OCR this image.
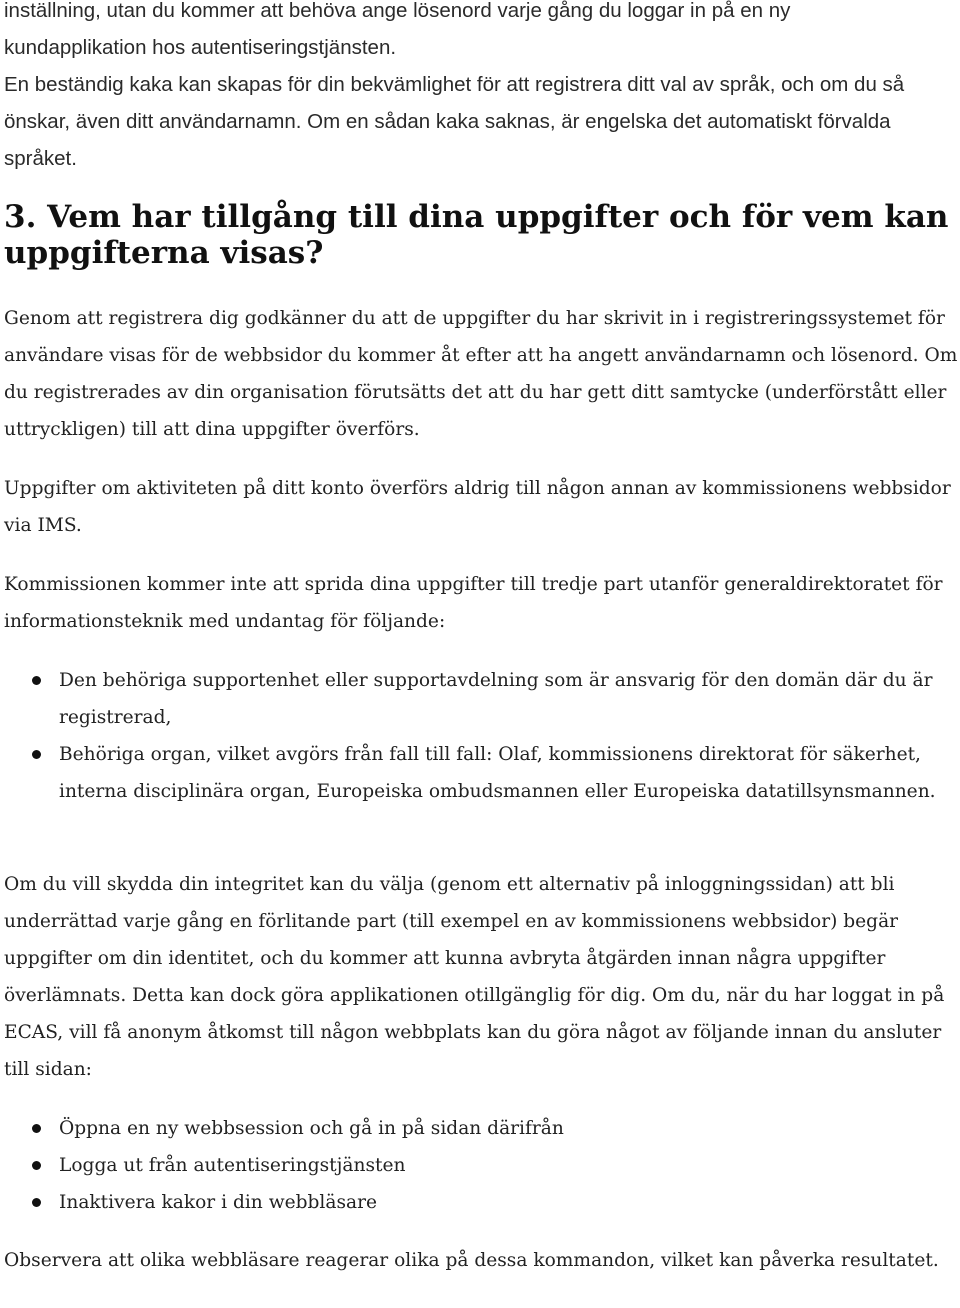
inställning, utan du kommer att behöva ange lösenord varje gång du loggar in på en ny

kundapplikation hos autentiseringstjänsten.

En beständig kaka kan skapas för din bekvämlighet för att registrera ditt val av språk, och om du så önskar, även ditt användarnamn. Om en sådan kaka saknas, är engelska det automatiskt förvalda språket.

3. Vem har tillgång till dina uppgifter och för vem kan uppgifterna visas?

Genom att registrera dig godkänner du att de uppgifter du har skrivit in i registreringssystemet för användare visas för de webbsidor du kommer åt efter att ha angett användarnamn och lösenord. Om du registrerades av din organisation förutsätts det att du har gett ditt samtycke (underförstått eller uttryckligen) till att dina uppgifter överförs.

Uppgifter om aktiviteten på ditt konto överförs aldrig till någon annan av kommissionens webbsidor via IMS.

Kommissionen kommer inte att sprida dina uppgifter till tredje part utanför generaldirektoratet för informationsteknik med undantag för följande:

Den behöriga supportenhet eller supportavdelning som är ansvarig för den domän där du är registrerad,
Behöriga organ, vilket avgörs från fall till fall: Olaf, kommissionens direktorat för säkerhet, interna disciplinära organ, Europeiska ombudsmannen eller Europeiska datatillsynsmannen.

Om du vill skydda din integritet kan du välja (genom ett alternativ på inloggningssidan) att bli underrättad varje gång en förlitande part (till exempel en av kommissionens webbsidor) begär uppgifter om din identitet, och du kommer att kunna avbryta åtgärden innan några uppgifter överlämnats. Detta kan dock göra applikationen otillgänglig för dig. Om du, när du har loggat in på ECAS, vill få anonym åtkomst till någon webbplats kan du göra något av följande innan du ansluter till sidan:

Öppna en ny webbsession och gå in på sidan därifrån
Logga ut från autentiseringstjänsten
Inaktivera kakor i din webbläsare

Observera att olika webbläsare reagerar olika på dessa kommandon, vilket kan påverka resultatet.
